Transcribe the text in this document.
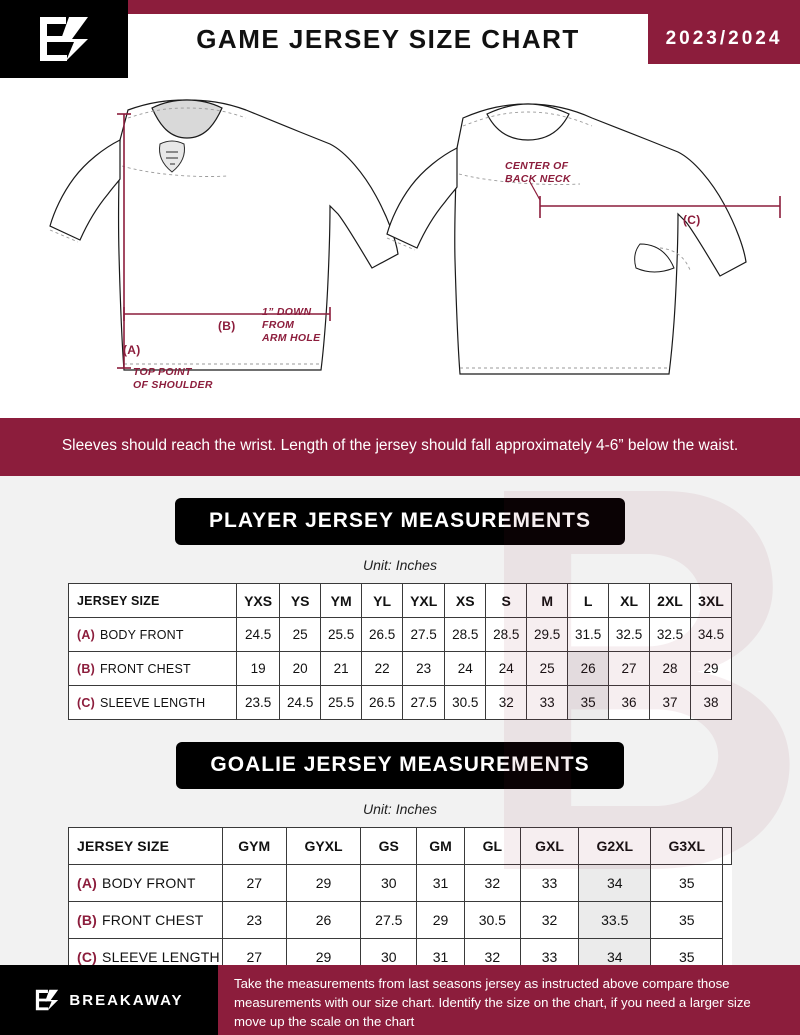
GAME JERSEY SIZE CHART	2023/2024
CENTER OF
BACK NECK
(C)
(B)
(A)
1” DOWN
FROM
ARM HOLE
TOP POINT
OF SHOULDER
Sleeves should reach the wrist. Length of the jersey should fall approximately 4-6” below the waist.
PLAYER JERSEY MEASUREMENTS
Unit: Inches
JERSEY SIZE	YXS	YS	YM	YL	YXL	XS	S	M	L	XL	2XL	3XL
(A) BODY FRONT	24.5	25	25.5	26.5	27.5	28.5	28.5	29.5	31.5	32.5	32.5	34.5
(B) FRONT CHEST	19	20	21	22	23	24	24	25	26	27	28	29
(C) SLEEVE LENGTH	23.5	24.5	25.5	26.5	27.5	30.5	32	33	35	36	37	38
GOALIE JERSEY MEASUREMENTS
Unit: Inches
JERSEY SIZE	GYM	GYXL	GS	GM	GL	GXL	G2XL	G3XL	
(A) BODY FRONT	27	29	30	31	32	33	34	35	
(B) FRONT CHEST	23	26	27.5	29	30.5	32	33.5	35	
(C) SLEEVE LENGTH	27	29	30	31	32	33	34	35	
BREAKAWAY
Take the measurements from last seasons jersey as instructed above compare those measurements with our size chart. Identify the size on the chart, if you need a larger size move up the scale on the chart
